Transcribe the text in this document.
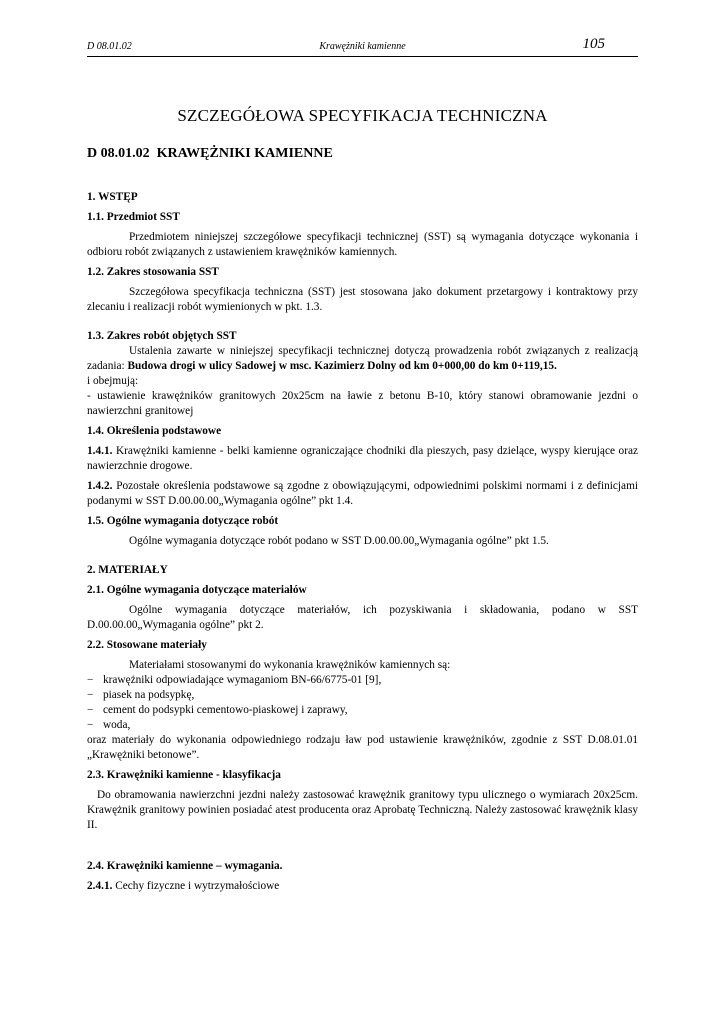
D 08.01.02	Krawężniki kamienne	105
SZCZEGÓŁOWA SPECYFIKACJA TECHNICZNA
D 08.01.02  KRAWĘŻNIKI KAMIENNE
1. WSTĘP
1.1. Przedmiot SST

Przedmiotem niniejszej szczegółowe specyfikacji technicznej (SST) są wymagania dotyczące wykonania i odbioru robót związanych z ustawieniem krawężników kamiennych.

1.2. Zakres stosowania SST

Szczegółowa specyfikacja techniczna (SST) jest stosowana jako dokument przetargowy i kontraktowy przy zlecaniu i realizacji robót wymienionych w pkt. 1.3.

1.3. Zakres robót objętych SST

Ustalenia zawarte w niniejszej specyfikacji technicznej dotyczą prowadzenia robót związanych z realizacją zadania: Budowa drogi w ulicy Sadowej w msc. Kazimierz Dolny od km 0+000,00 do km 0+119,15.

i obejmują:

- ustawienie krawężników granitowych 20x25cm na ławie z betonu B-10, który stanowi obramowanie jezdni o nawierzchni granitowej

1.4. Określenia podstawowe

1.4.1. Krawężniki kamienne - belki kamienne ograniczające chodniki dla pieszych, pasy dzielące, wyspy kierujące oraz nawierzchnie drogowe.

1.4.2. Pozostałe określenia podstawowe są zgodne z obowiązującymi, odpowiednimi polskimi normami i z definicjami podanymi w SST D.00.00.00„Wymagania ogólne” pkt 1.4.

1.5. Ogólne wymagania dotyczące robót

Ogólne wymagania dotyczące robót podano w SST D.00.00.00„Wymagania ogólne” pkt 1.5.

2. MATERIAŁY
2.1. Ogólne wymagania dotyczące materiałów

Ogólne wymagania dotyczące materiałów, ich pozyskiwania i składowania, podano w SST D.00.00.00„Wymagania ogólne” pkt 2.

2.2. Stosowane materiały

Materiałami stosowanymi do wykonania krawężników kamiennych są:

− krawężniki odpowiadające wymaganiom BN-66/6775-01 [9],
− piasek na podsypkę,
− cement do podsypki cementowo-piaskowej i zaprawy,
− woda,

oraz materiały do wykonania odpowiedniego rodzaju ław pod ustawienie krawężników, zgodnie z SST D.08.01.01 „Krawężniki betonowe”.

2.3. Krawężniki kamienne - klasyfikacja

Do obramowania nawierzchni jezdni należy zastosować krawężnik granitowy typu ulicznego o wymiarach 20x25cm. Krawężnik granitowy powinien posiadać atest producenta oraz Aprobatę Techniczną. Należy zastosować krawężnik klasy II.

2.4. Krawężniki kamienne – wymagania.

2.4.1. Cechy fizyczne i wytrzymałościowe
